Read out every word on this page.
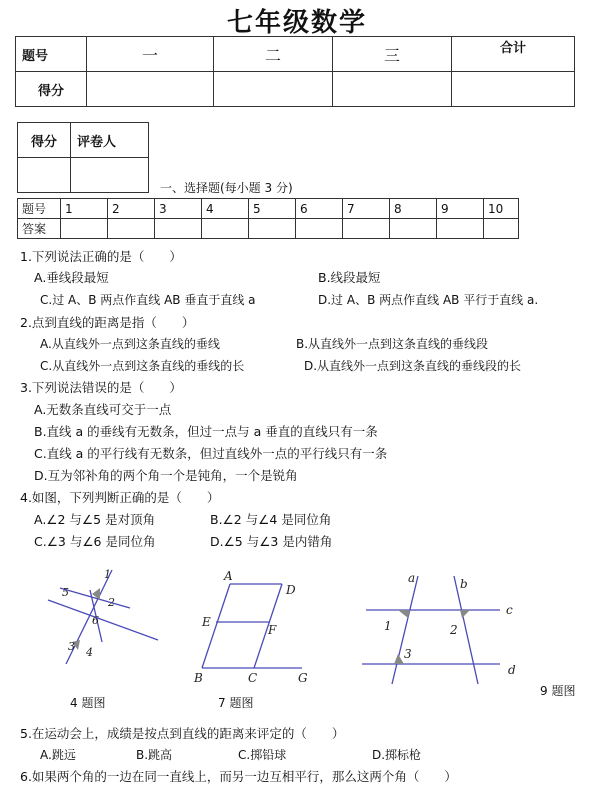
七年级数学
题号	一	二	三	合计
得分				
得分	评卷人

一、选择题(每小题 3 分)
题号	1	2	3	4	5	6	7	8	9	10
答案										
1.下列说法正确的是（　　）
A.垂线段最短	B.线段最短
C.过 A、B 两点作直线 AB 垂直于直线 a	D.过 A、B 两点作直线 AB 平行于直线 a.
2.点到直线的距离是指（　　）
A.从直线外一点到这条直线的垂线	B.从直线外一点到这条直线的垂线段
C.从直线外一点到这条直线的垂线的长	D.从直线外一点到这条直线的垂线段的长
3.下列说法错误的是（　　）
A.无数条直线可交于一点
B.直线 a 的垂线有无数条，但过一点与 a 垂直的直线只有一条
C.直线 a 的平行线有无数条，但过直线外一点的平行线只有一条
D.互为邻补角的两个角一个是钝角，一个是锐角
4.如图，下列判断正确的是（　　）
A.∠2 与∠5 是对顶角	B.∠2 与∠4 是同位角
C.∠3 与∠6 是同位角	D.∠5 与∠3 是内错角
1
2
5
6
3 4
4 题图
A
D
E
F
B	C	G
7 题图
a	b
c
d
1	2
3
9 题图
5.在运动会上，成绩是按点到直线的距离来评定的（　　）
A.跳远	B.跳高	C.掷铅球	D.掷标枪
6.如果两个角的一边在同一直线上，而另一边互相平行，那么这两个角（　　）
